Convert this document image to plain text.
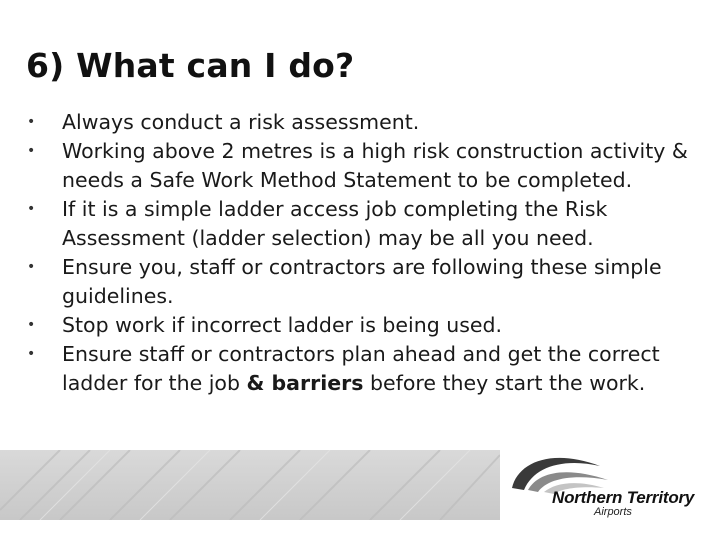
6) What can I do?
• Always conduct a risk assessment.
• Working above 2 metres is a high risk construction activity & needs a Safe Work Method Statement to be completed.
• If it is a simple ladder access job completing the Risk Assessment (ladder selection) may be all you need.
• Ensure you, staff or contractors are following these simple guidelines.
• Stop work if incorrect ladder is being used.
• Ensure staff or contractors plan ahead and get the correct ladder for the job & barriers before they start the work.
Northern Territory
Airports
